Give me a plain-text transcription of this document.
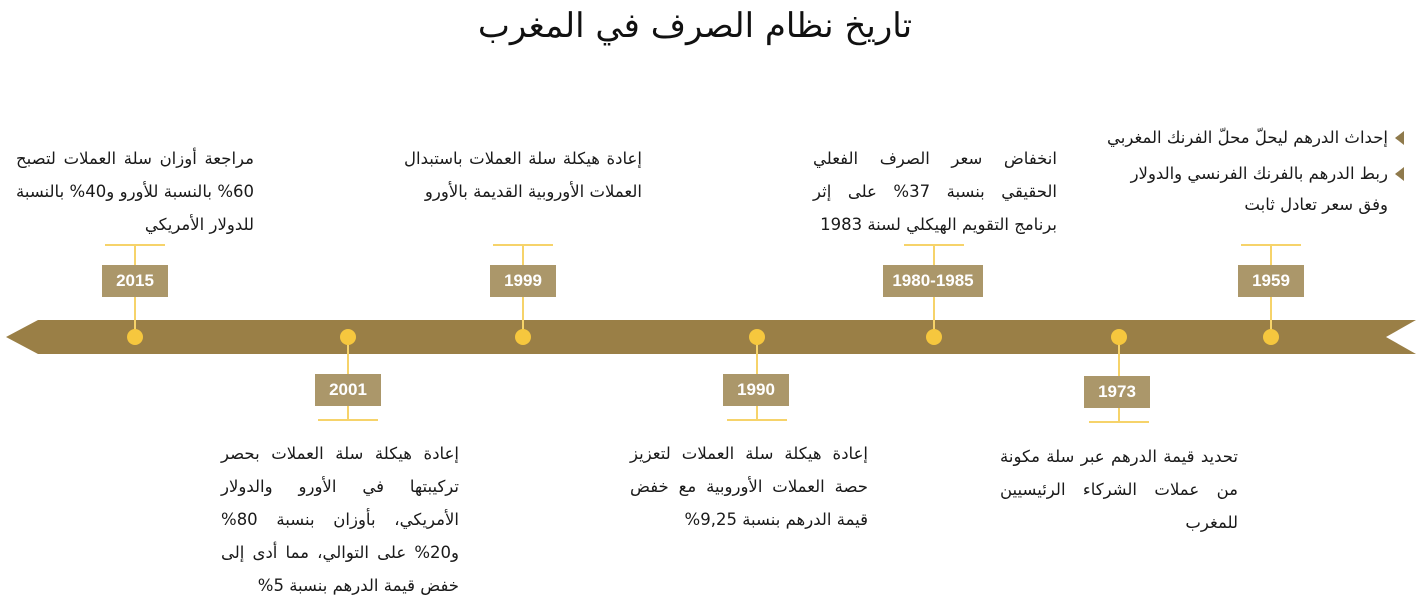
تاريخ نظام الصرف في المغرب
1959
1973
1980-1985
1990
1999
2001
2015
إحداث الدرهم ليحلّ محلّ الفرنك المغربي
ربط الدرهم بالفرنك الفرنسي والدولار وفق سعر تعادل ثابت
تحديد قيمة الدرهم عبر سلة مكونة من عملات الشركاء الرئيسيين للمغرب
انخفاض سعر الصرف الفعلي الحقيقي بنسبة 37% على إثر برنامج التقويم الهيكلي لسنة 1983
إعادة هيكلة سلة العملات لتعزيز حصة العملات الأوروبية مع خفض قيمة الدرهم بنسبة 9,25%
إعادة هيكلة سلة العملات باستبدال العملات الأوروبية القديمة بالأورو
إعادة هيكلة سلة العملات بحصر تركيبتها في الأورو والدولار الأمريكي، بأوزان بنسبة 80% و20% على التوالي، مما أدى إلى خفض قيمة الدرهم بنسبة 5%
مراجعة أوزان سلة العملات لتصبح 60% بالنسبة للأورو و40% بالنسبة للدولار الأمريكي
